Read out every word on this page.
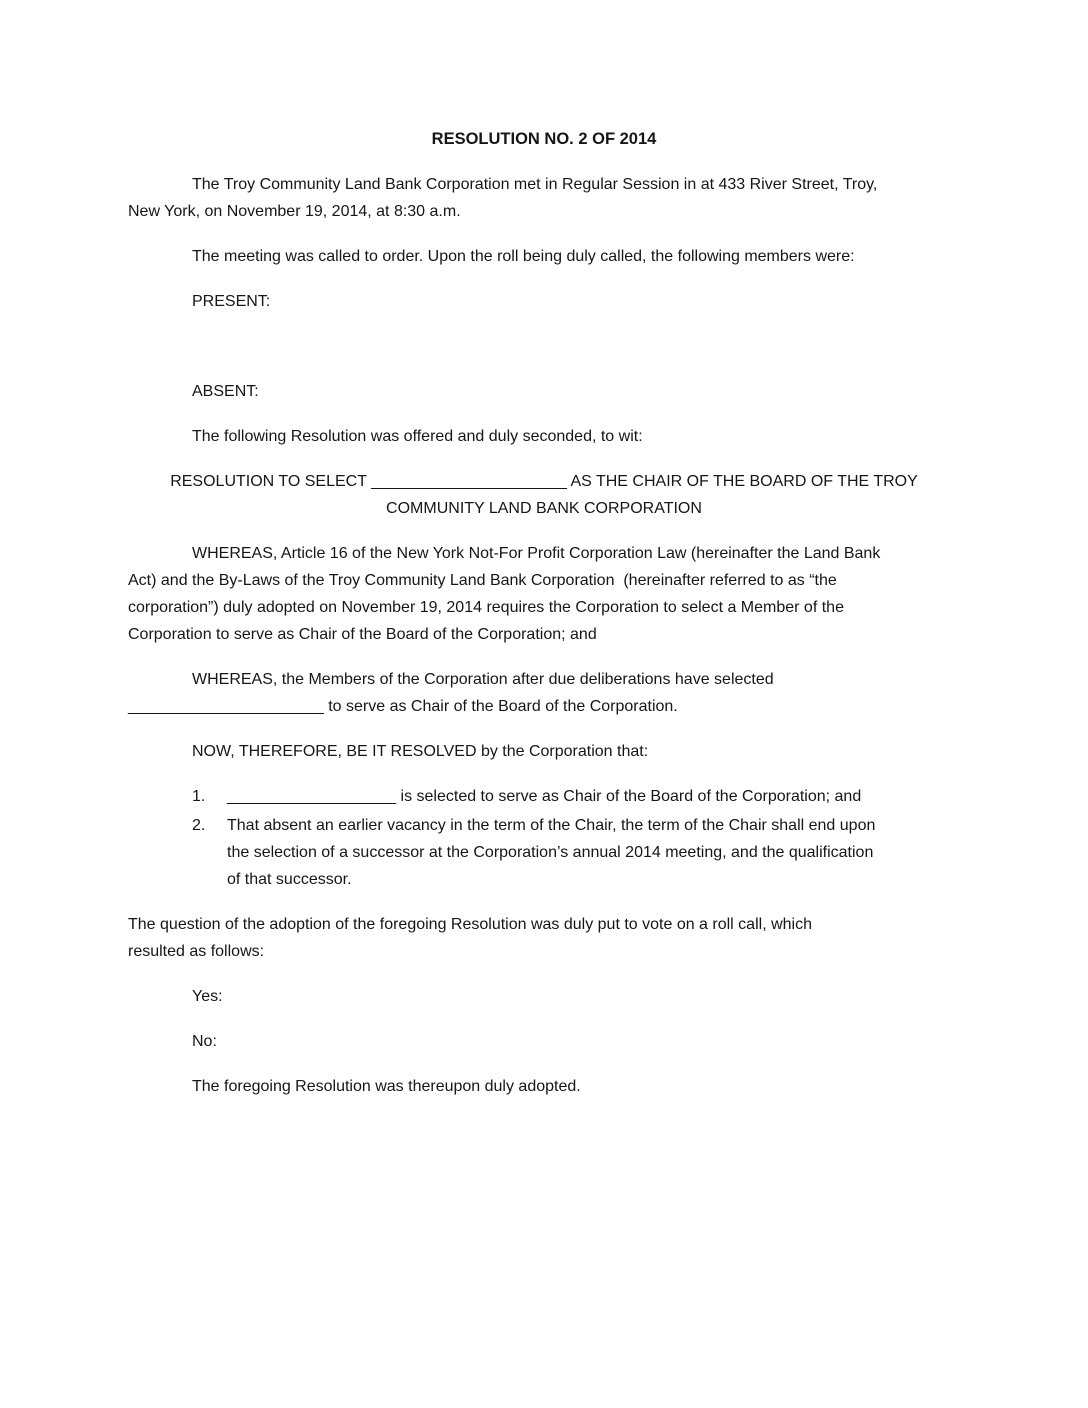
RESOLUTION NO. 2 OF 2014
The Troy Community Land Bank Corporation met in Regular Session in at 433 River Street, Troy,
New York, on November 19, 2014, at 8:30 a.m.
The meeting was called to order. Upon the roll being duly called, the following members were:
PRESENT:
ABSENT:
The following Resolution was offered and duly seconded, to wit:
RESOLUTION TO SELECT ______________________ AS THE CHAIR OF THE BOARD OF THE TROY
COMMUNITY LAND BANK CORPORATION
WHEREAS, Article 16 of the New York Not-For Profit Corporation Law (hereinafter the Land Bank
Act) and the By-Laws of the Troy Community Land Bank Corporation  (hereinafter referred to as “the
corporation”) duly adopted on November 19, 2014 requires the Corporation to select a Member of the
Corporation to serve as Chair of the Board of the Corporation; and
WHEREAS, the Members of the Corporation after due deliberations have selected
______________________ to serve as Chair of the Board of the Corporation.
NOW, THEREFORE, BE IT RESOLVED by the Corporation that:
1.	___________________ is selected to serve as Chair of the Board of the Corporation; and
2.	That absent an earlier vacancy in the term of the Chair, the term of the Chair shall end upon
the selection of a successor at the Corporation’s annual 2014 meeting, and the qualification
of that successor.
The question of the adoption of the foregoing Resolution was duly put to vote on a roll call, which
resulted as follows:
Yes:
No:
The foregoing Resolution was thereupon duly adopted.
